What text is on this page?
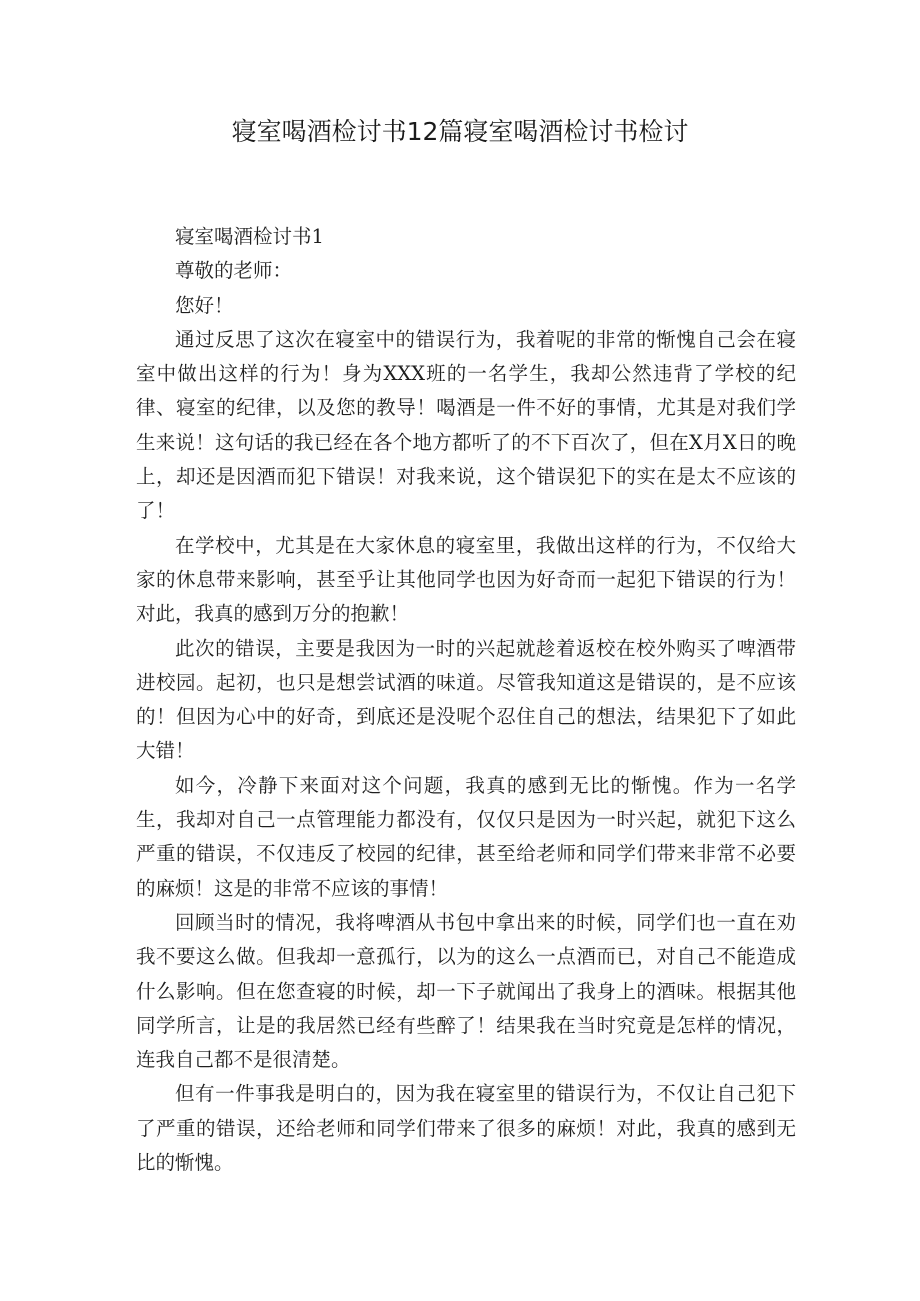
寝室喝酒检讨书12篇寝室喝酒检讨书检讨

寝室喝酒检讨书1

尊敬的老师：

您好！

通过反思了这次在寝室中的错误行为，我着呢的非常的惭愧自己会在寝室中做出这样的行为！身为XXX班的一名学生，我却公然违背了学校的纪律、寝室的纪律，以及您的教导！喝酒是一件不好的事情，尤其是对我们学生来说！这句话的我已经在各个地方都听了的不下百次了，但在X月X日的晚上，却还是因酒而犯下错误！对我来说，这个错误犯下的实在是太不应该的了！

在学校中，尤其是在大家休息的寝室里，我做出这样的行为，不仅给大家的休息带来影响，甚至乎让其他同学也因为好奇而一起犯下错误的行为！对此，我真的感到万分的抱歉！

此次的错误，主要是我因为一时的兴起就趁着返校在校外购买了啤酒带进校园。起初，也只是想尝试酒的味道。尽管我知道这是错误的，是不应该的！但因为心中的好奇，到底还是没呢个忍住自己的想法，结果犯下了如此大错！

如今，冷静下来面对这个问题，我真的感到无比的惭愧。作为一名学生，我却对自己一点管理能力都没有，仅仅只是因为一时兴起，就犯下这么严重的错误，不仅违反了校园的纪律，甚至给老师和同学们带来非常不必要的麻烦！这是的非常不应该的事情！

回顾当时的情况，我将啤酒从书包中拿出来的时候，同学们也一直在劝我不要这么做。但我却一意孤行，以为的这么一点酒而已，对自己不能造成什么影响。但在您查寝的时候，却一下子就闻出了我身上的酒味。根据其他同学所言，让是的我居然已经有些醉了！结果我在当时究竟是怎样的情况，连我自己都不是很清楚。

但有一件事我是明白的，因为我在寝室里的错误行为，不仅让自己犯下了严重的错误，还给老师和同学们带来了很多的麻烦！对此，我真的感到无比的惭愧。
